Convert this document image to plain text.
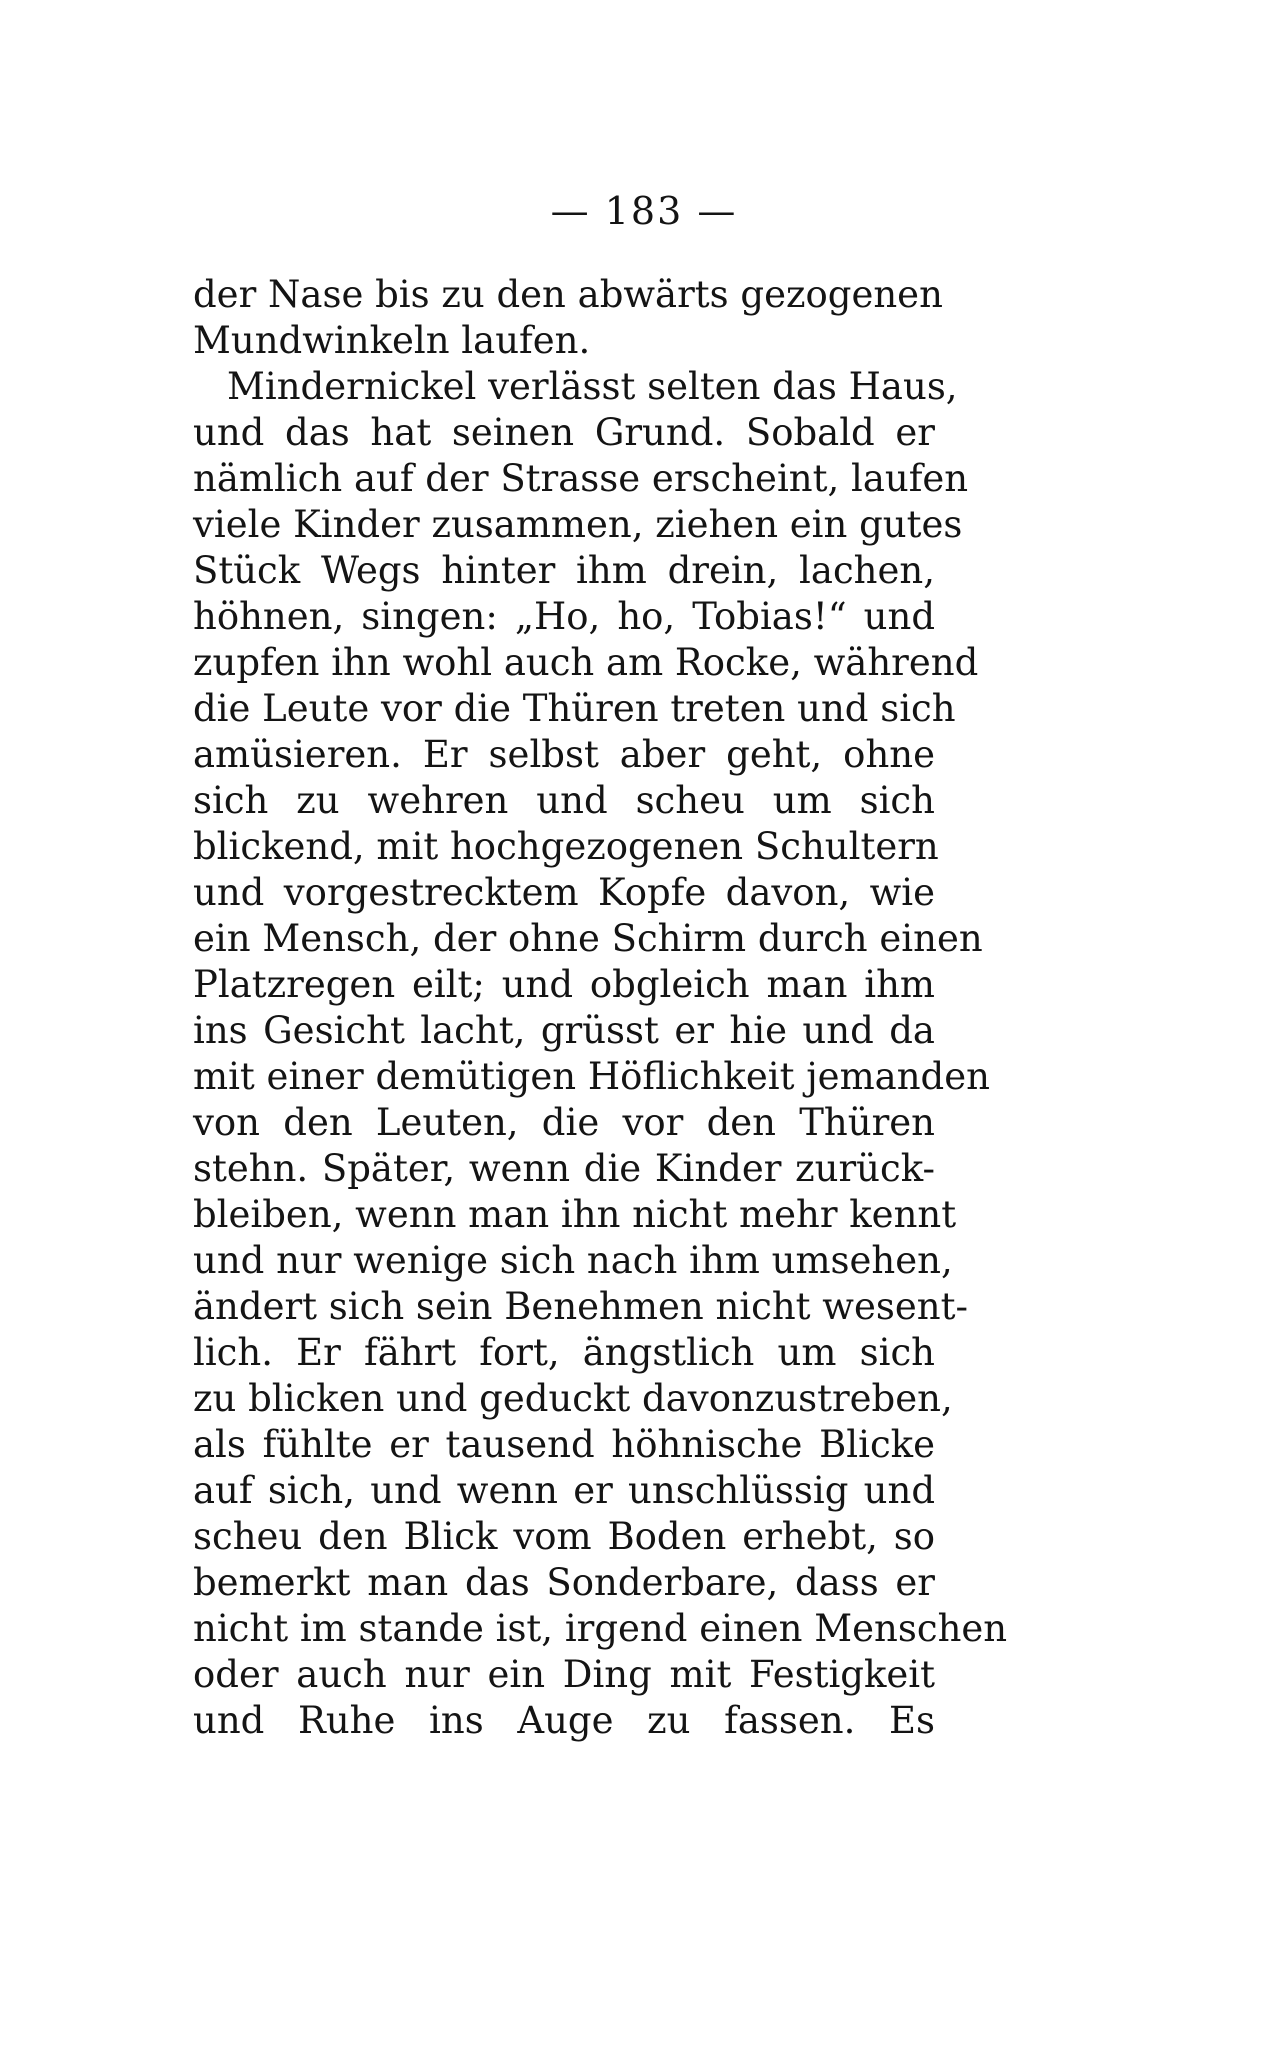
— 183 —
der Nase bis zu den abwärts gezogenen
Mundwinkeln laufen.
Mindernickel verlässt selten das Haus,
und das hat seinen Grund. Sobald er
nämlich auf der Strasse erscheint, laufen
viele Kinder zusammen, ziehen ein gutes
Stück Wegs hinter ihm drein, lachen,
höhnen, singen: „Ho, ho, Tobias!“ und
zupfen ihn wohl auch am Rocke, während
die Leute vor die Thüren treten und sich
amüsieren. Er selbst aber geht, ohne
sich zu wehren und scheu um sich
blickend, mit hochgezogenen Schultern
und vorgestrecktem Kopfe davon, wie
ein Mensch, der ohne Schirm durch einen
Platzregen eilt; und obgleich man ihm
ins Gesicht lacht, grüsst er hie und da
mit einer demütigen Höflichkeit jemanden
von den Leuten, die vor den Thüren
stehn. Später, wenn die Kinder zurück-
bleiben, wenn man ihn nicht mehr kennt
und nur wenige sich nach ihm umsehen,
ändert sich sein Benehmen nicht wesent-
lich. Er fährt fort, ängstlich um sich
zu blicken und geduckt davonzustreben,
als fühlte er tausend höhnische Blicke
auf sich, und wenn er unschlüssig und
scheu den Blick vom Boden erhebt, so
bemerkt man das Sonderbare, dass er
nicht im stande ist, irgend einen Menschen
oder auch nur ein Ding mit Festigkeit
und Ruhe ins Auge zu fassen. Es
